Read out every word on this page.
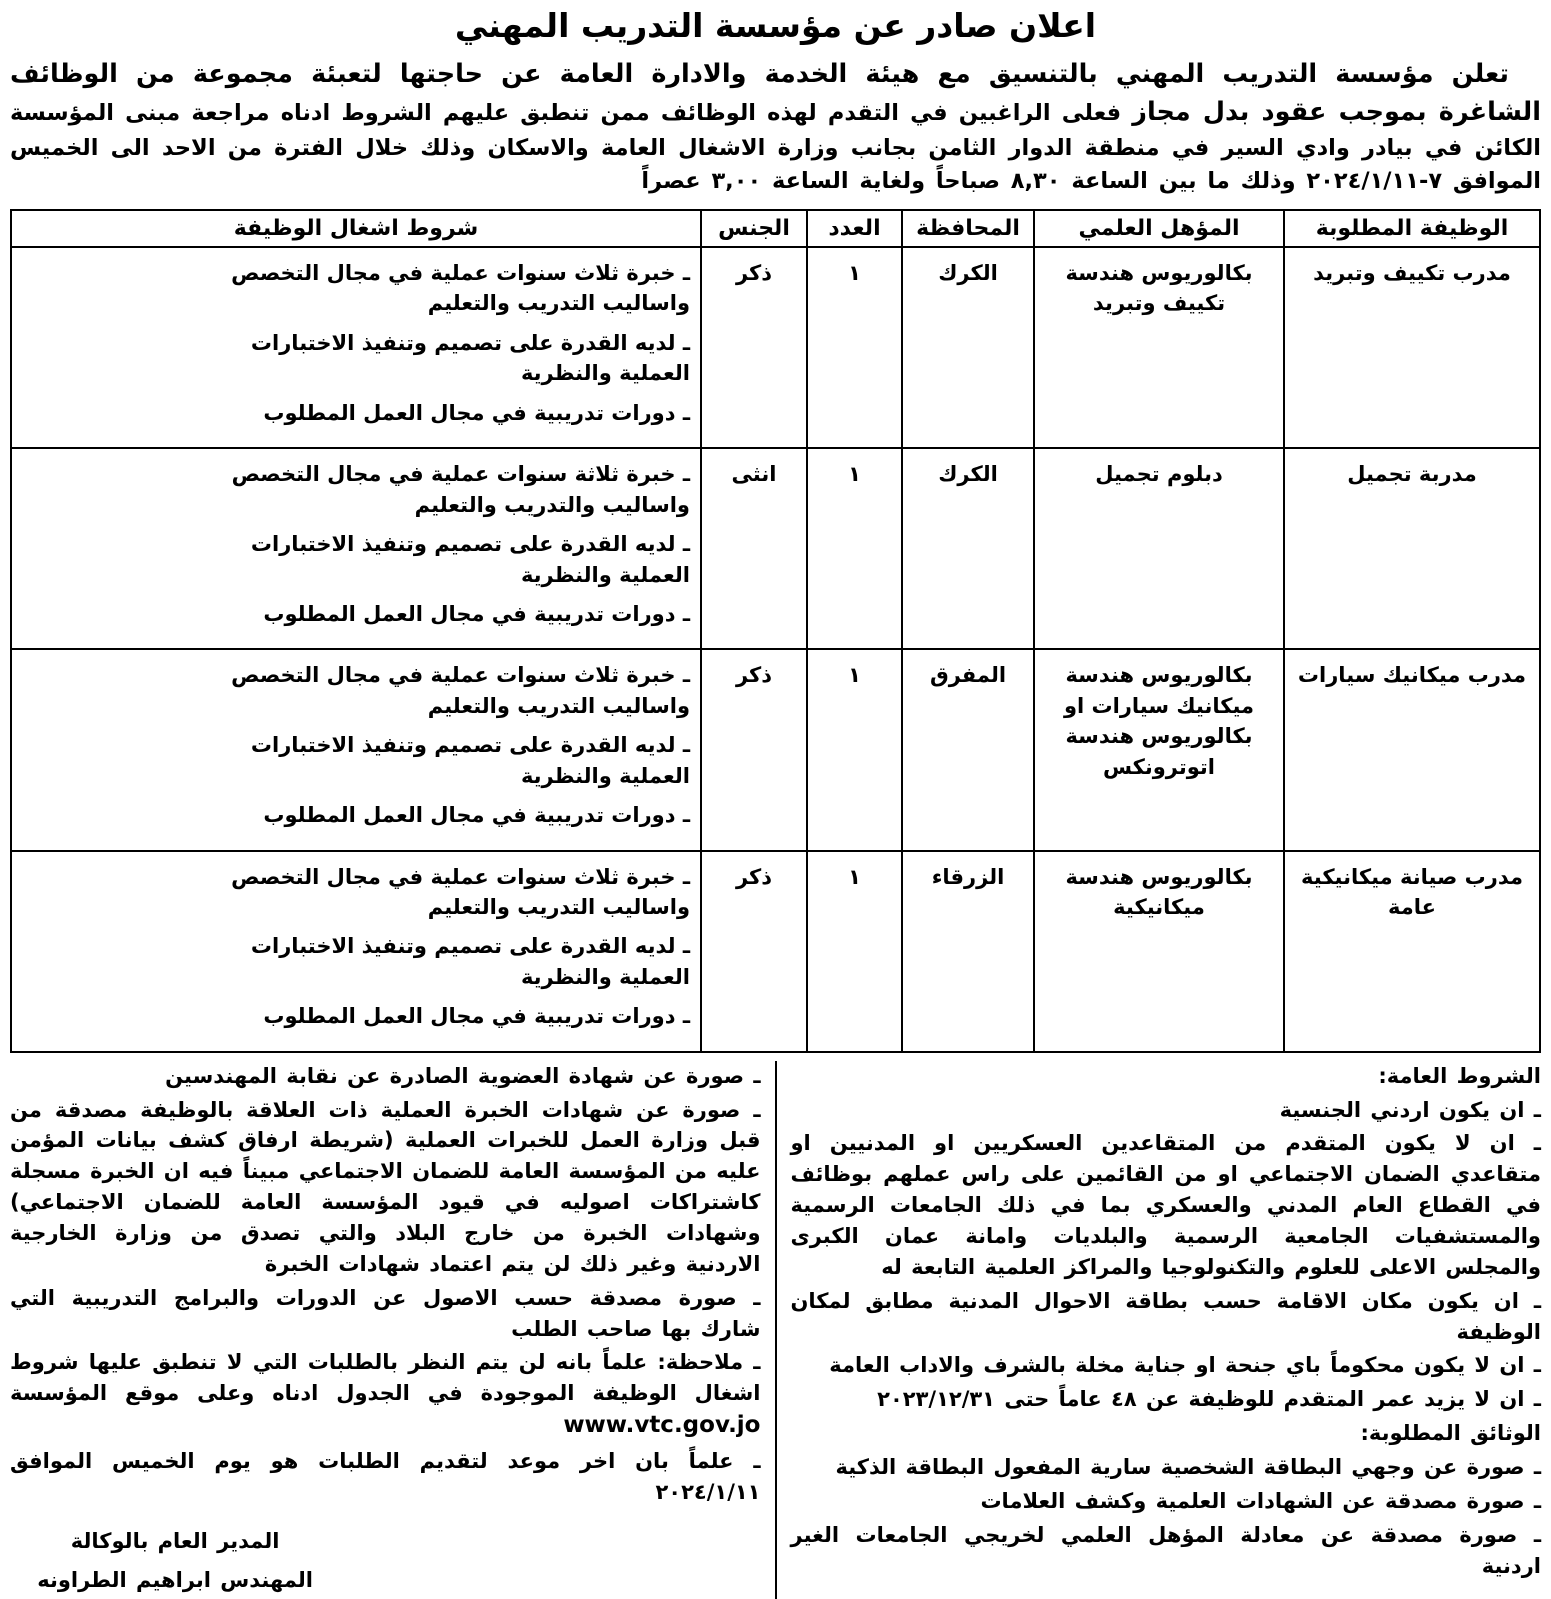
اعلان صادر عن مؤسسة التدريب المهني

تعلن مؤسسة التدريب المهني بالتنسيق مع هيئة الخدمة والادارة العامة عن حاجتها لتعبئة مجموعة من الوظائف الشاغرة بموجب عقود بدل مجاز فعلى الراغبين في التقدم لهذه الوظائف ممن تنطبق عليهم الشروط ادناه مراجعة مبنى المؤسسة الكائن في بيادر وادي السير في منطقة الدوار الثامن بجانب وزارة الاشغال العامة والاسكان وذلك خلال الفترة من الاحد الى الخميس الموافق ٧-٢٠٢٤/١/١١ وذلك ما بين الساعة ٨,٣٠ صباحاً ولغاية الساعة ٣,٠٠ عصراً

الوظيفة المطلوبة	المؤهل العلمي	المحافظة	العدد	الجنس	شروط اشغال الوظيفة
مدرب تكييف وتبريد	بكالوريوس هندسة تكييف وتبريد	الكرك	١	ذكر	ـ خبرة ثلاث سنوات عملية في مجال التخصص واساليب التدريب والتعليم
ـ لديه القدرة على تصميم وتنفيذ الاختبارات العملية والنظرية
ـ دورات تدريبية في مجال العمل المطلوب

مدربة تجميل	دبلوم تجميل	الكرك	١	انثى	ـ خبرة ثلاثة سنوات عملية في مجال التخصص واساليب والتدريب والتعليم
ـ لديه القدرة على تصميم وتنفيذ الاختبارات العملية والنظرية
ـ دورات تدريبية في مجال العمل المطلوب

مدرب ميكانيك سيارات	بكالوريوس هندسة ميكانيك سيارات او بكالوريوس هندسة اتوترونكس	المفرق	١	ذكر	ـ خبرة ثلاث سنوات عملية في مجال التخصص واساليب التدريب والتعليم
ـ لديه القدرة على تصميم وتنفيذ الاختبارات العملية والنظرية
ـ دورات تدريبية في مجال العمل المطلوب

مدرب صيانة ميكانيكية عامة	بكالوريوس هندسة ميكانيكية	الزرقاء	١	ذكر	ـ خبرة ثلاث سنوات عملية في مجال التخصص واساليب التدريب والتعليم
ـ لديه القدرة على تصميم وتنفيذ الاختبارات العملية والنظرية
ـ دورات تدريبية في مجال العمل المطلوب

الشروط العامة:

ـ ان يكون اردني الجنسية

ـ ان لا يكون المتقدم من المتقاعدين العسكريين او المدنيين او متقاعدي الضمان الاجتماعي او من القائمين على راس عملهم بوظائف في القطاع العام المدني والعسكري بما في ذلك الجامعات الرسمية والمستشفيات الجامعية الرسمية والبلديات وامانة عمان الكبرى والمجلس الاعلى للعلوم والتكنولوجيا والمراكز العلمية التابعة له

ـ ان يكون مكان الاقامة حسب بطاقة الاحوال المدنية مطابق لمكان الوظيفة

ـ ان لا يكون محكوماً باي جنحة او جناية مخلة بالشرف والاداب العامة

ـ ان لا يزيد عمر المتقدم للوظيفة عن ٤٨ عاماً حتى ٢٠٢٣/١٢/٣١

الوثائق المطلوبة:

ـ صورة عن وجهي البطاقة الشخصية سارية المفعول البطاقة الذكية

ـ صورة مصدقة عن الشهادات العلمية وكشف العلامات

ـ صورة مصدقة عن معادلة المؤهل العلمي لخريجي الجامعات الغير اردنية

ـ صورة عن شهادة العضوية الصادرة عن نقابة المهندسين

ـ صورة عن شهادات الخبرة العملية ذات العلاقة بالوظيفة مصدقة من قبل وزارة العمل للخبرات العملية (شريطة ارفاق كشف بيانات المؤمن عليه من المؤسسة العامة للضمان الاجتماعي مبيناً فيه ان الخبرة مسجلة كاشتراكات اصوليه في قيود المؤسسة العامة للضمان الاجتماعي) وشهادات الخبرة من خارج البلاد والتي تصدق من وزارة الخارجية الاردنية وغير ذلك لن يتم اعتماد شهادات الخبرة

ـ صورة مصدقة حسب الاصول عن الدورات والبرامج التدريبية التي شارك بها صاحب الطلب

ـ ملاحظة: علماً بانه لن يتم النظر بالطلبات التي لا تنطبق عليها شروط اشغال الوظيفة الموجودة في الجدول ادناه وعلى موقع المؤسسة www.vtc.gov.jo

ـ علماً بان اخر موعد لتقديم الطلبات هو يوم الخميس الموافق ٢٠٢٤/١/١١

المدير العام بالوكالة
المهندس ابراهيم الطراونه
